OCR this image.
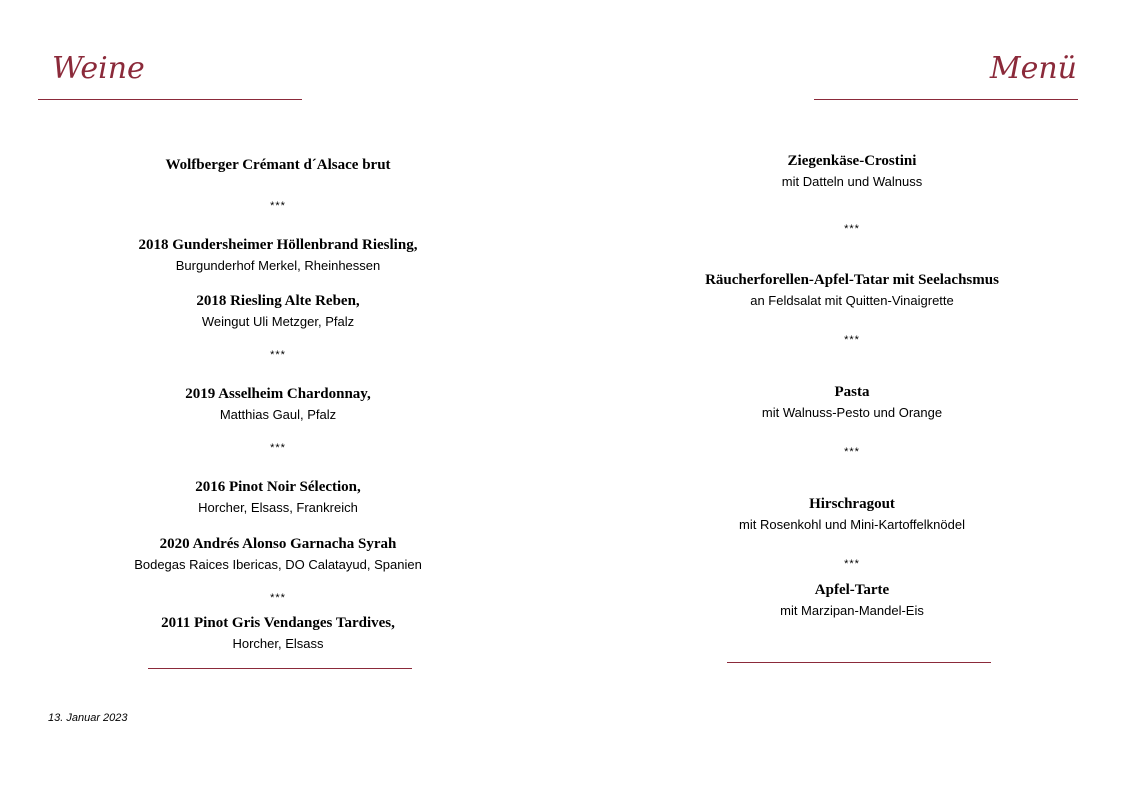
Weine	Menü
Wolfberger Crémant d´Alsace brut
***
2018 Gundersheimer Höllenbrand Riesling,
Burgunderhof Merkel, Rheinhessen
2018 Riesling Alte Reben,
Weingut Uli Metzger, Pfalz
***
2019 Asselheim Chardonnay,
Matthias Gaul, Pfalz
***
2016 Pinot Noir Sélection,
Horcher, Elsass, Frankreich
2020 Andrés Alonso Garnacha Syrah
Bodegas Raices Ibericas, DO Calatayud, Spanien
***
2011 Pinot Gris Vendanges Tardives,
Horcher, Elsass
Ziegenkäse-Crostini
mit Datteln und Walnuss
***
Räucherforellen-Apfel-Tatar mit Seelachsmus
an Feldsalat mit Quitten-Vinaigrette
***
Pasta
mit Walnuss-Pesto und Orange
***
Hirschragout
mit Rosenkohl und Mini-Kartoffelknödel
***
Apfel-Tarte
mit Marzipan-Mandel-Eis
13. Januar 2023
